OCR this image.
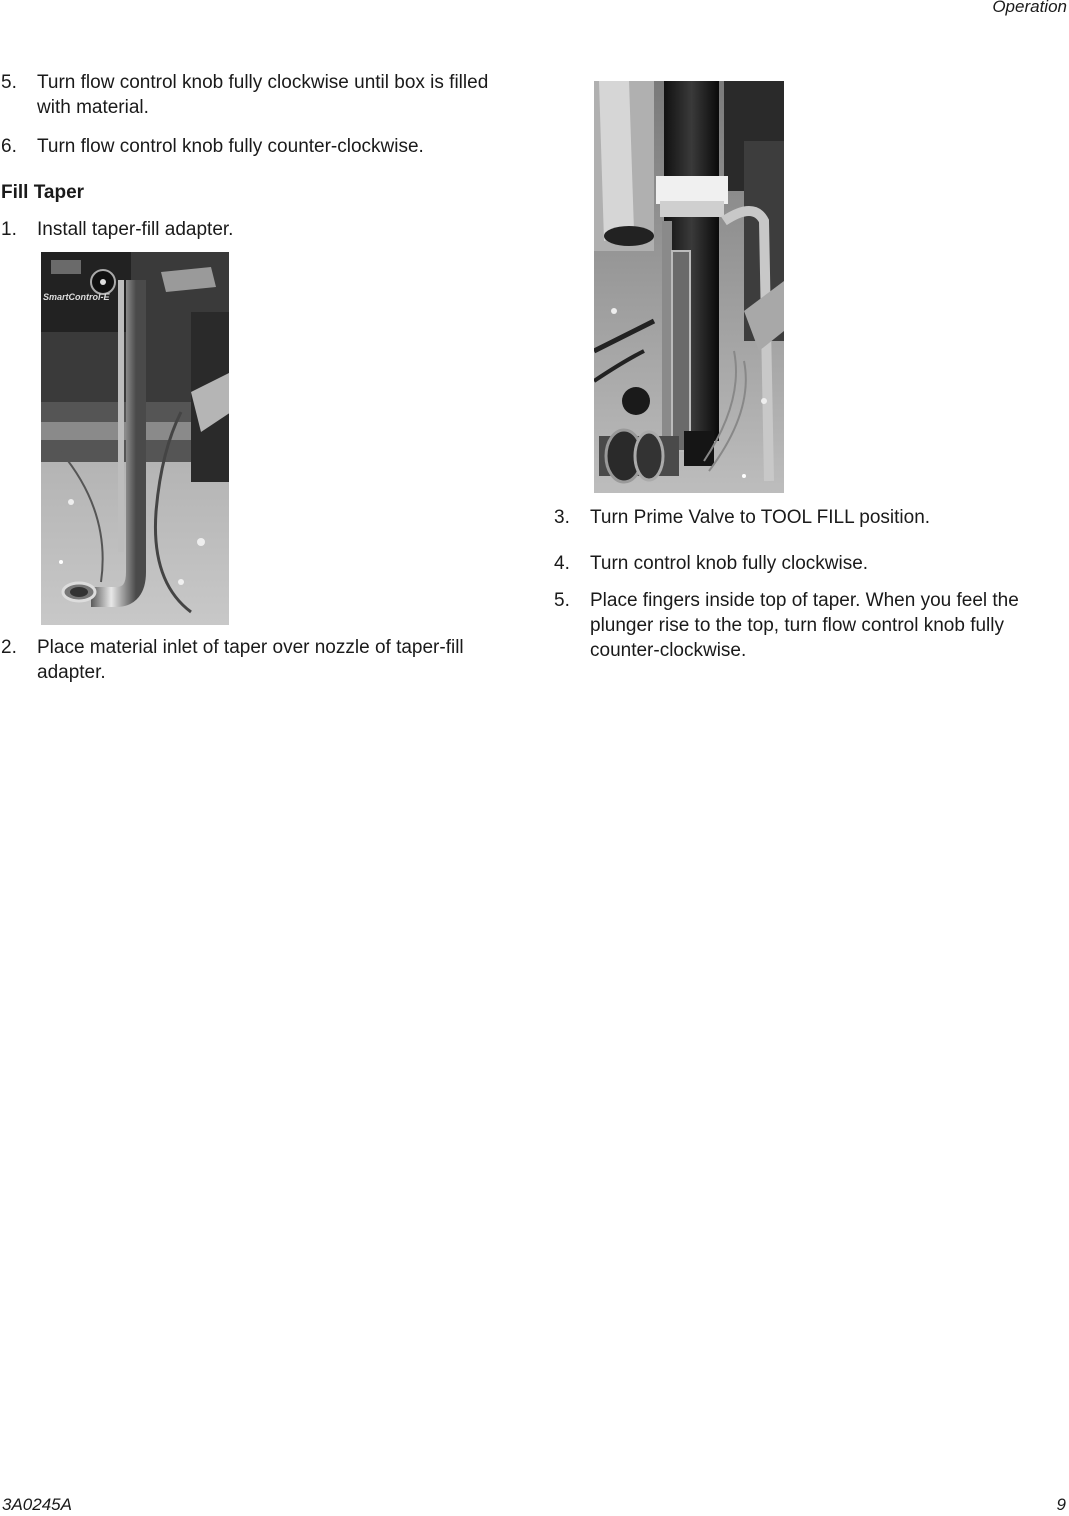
Operation
5. Turn flow control knob fully clockwise until box is filled with material.
6. Turn flow control knob fully counter-clockwise.
Fill Taper
1. Install taper-fill adapter.
SmartControl-E
2. Place material inlet of taper over nozzle of taper-fill adapter.
3. Turn Prime Valve to TOOL FILL position.
4. Turn control knob fully clockwise.
5. Place fingers inside top of taper. When you feel the plunger rise to the top, turn flow control knob fully counter-clockwise.
3A0245A	9
